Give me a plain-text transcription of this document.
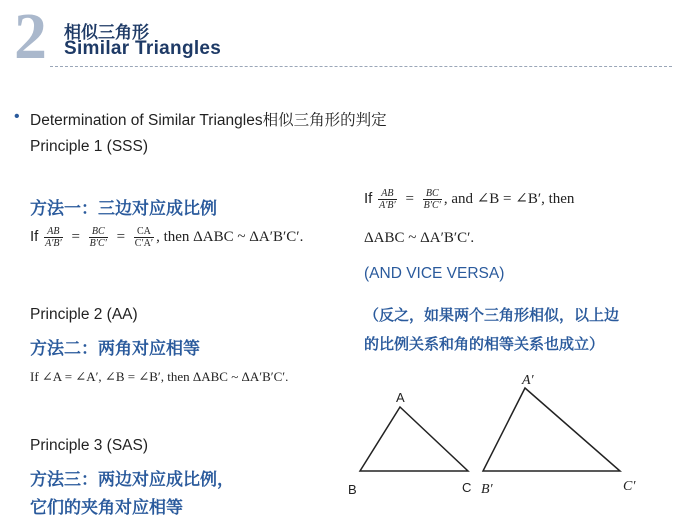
2 相似三角形
Similar Triangles
• Determination of Similar Triangles相似三角形的判定
Principle 1 (SSS)
方法一：三边对应成比例
If $\frac{AB}{A'B'} = \frac{BC}{B'C'} = \frac{CA}{C'A'}$ , then ΔABC ~ ΔA′B′C′.
If $\frac{AB}{A'B'} = \frac{BC}{B'C'}$ , and ∠B = ∠B′, then
ΔABC ~ ΔA′B′C′.
(AND VICE VERSA)
（反之，如果两个三角形相似，以上边
的比例关系和角的相等关系也成立）
Principle 2 (AA)
方法二：两角对应相等
If ∠A = ∠A′, ∠B = ∠B′, then ΔABC ~ ΔA′B′C′.
Principle 3 (SAS)
方法三：两边对应成比例，
它们的夹角对应相等
A
B	C
A′
B′	C′
